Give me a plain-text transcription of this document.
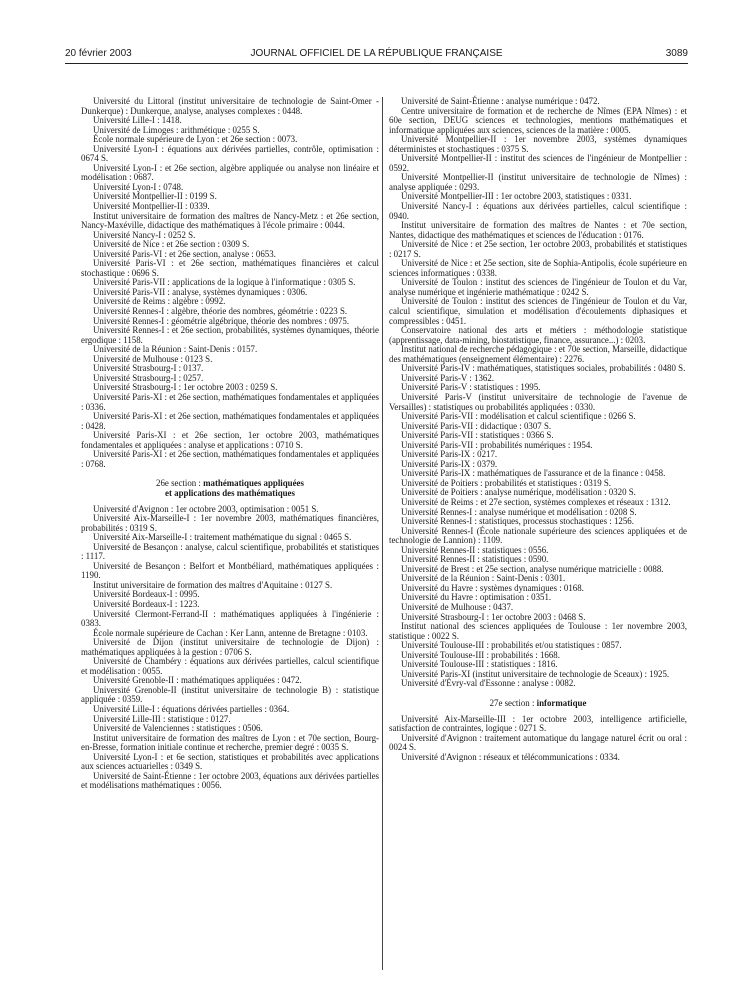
20 février 2003	JOURNAL OFFICIEL DE LA RÉPUBLIQUE FRANÇAISE	3089

Université du Littoral (institut universitaire de technologie de Saint-Omer - Dunkerque) : Dunkerque, analyse, analyses complexes : 0448.

Université Lille-I : 1418.

Université de Limoges : arithmétique : 0255 S.

École normale supérieure de Lyon : et 26e section : 0073.

Université Lyon-I : équations aux dérivées partielles, contrôle, optimisation : 0674 S.

Université Lyon-I : et 26e section, algèbre appliquée ou analyse non linéaire et modélisation : 0687.

Université Lyon-I : 0748.

Université Montpellier-II : 0199 S.

Université Montpellier-II : 0339.

Institut universitaire de formation des maîtres de Nancy-Metz : et 26e section, Nancy-Maxéville, didactique des mathématiques à l'école primaire : 0044.

Université Nancy-I : 0252 S.

Université de Nice : et 26e section : 0309 S.

Université Paris-VI : et 26e section, analyse : 0653.

Université Paris-VI : et 26e section, mathématiques financières et calcul stochastique : 0696 S.

Université Paris-VII : applications de la logique à l'informatique : 0305 S.

Université Paris-VII : analyse, systèmes dynamiques : 0306.

Université de Reims : algèbre : 0992.

Université Rennes-I : algèbre, théorie des nombres, géométrie : 0223 S.

Université Rennes-I : géométrie algébrique, théorie des nombres : 0975.

Université Rennes-I : et 26e section, probabilités, systèmes dynamiques, théorie ergodique : 1158.

Université de la Réunion : Saint-Denis : 0157.

Université de Mulhouse : 0123 S.

Université Strasbourg-I : 0137.

Université Strasbourg-I : 0257.

Université Strasbourg-I : 1er octobre 2003 : 0259 S.

Université Paris-XI : et 26e section, mathématiques fondamentales et appliquées : 0336.

Université Paris-XI : et 26e section, mathématiques fondamentales et appliquées : 0428.

Université Paris-XI : et 26e section, 1er octobre 2003, mathématiques fondamentales et appliquées : analyse et applications : 0710 S.

Université Paris-XI : et 26e section, mathématiques fondamentales et appliquées : 0768.

26e section : mathématiques appliquées
et applications des mathématiques

Université d'Avignon : 1er octobre 2003, optimisation : 0051 S.

Université Aix-Marseille-I : 1er novembre 2003, mathématiques financières, probabilités : 0319 S.

Université Aix-Marseille-I : traitement mathématique du signal : 0465 S.

Université de Besançon : analyse, calcul scientifique, probabilités et statistiques : 1117.

Université de Besançon : Belfort et Montbéliard, mathématiques appliquées : 1190.

Institut universitaire de formation des maîtres d'Aquitaine : 0127 S.

Université Bordeaux-I : 0995.

Université Bordeaux-I : 1223.

Université Clermont-Ferrand-II : mathématiques appliquées à l'ingénierie : 0383.

École normale supérieure de Cachan : Ker Lann, antenne de Bretagne : 0103.

Université de Dijon (institut universitaire de technologie de Dijon) : mathématiques appliquées à la gestion : 0706 S.

Université de Chambéry : équations aux dérivées partielles, calcul scientifique et modélisation : 0055.

Université Grenoble-II : mathématiques appliquées : 0472.

Université Grenoble-II (institut universitaire de technologie B) : statistique appliquée : 0359.

Université Lille-I : équations dérivées partielles : 0364.

Université Lille-III : statistique : 0127.

Université de Valenciennes : statistiques : 0506.

Institut universitaire de formation des maîtres de Lyon : et 70e section, Bourg-en-Bresse, formation initiale continue et recherche, premier degré : 0035 S.

Université Lyon-I : et 6e section, statistiques et probabilités avec applications aux sciences actuarielles : 0349 S.

Université de Saint-Étienne : 1er octobre 2003, équations aux dérivées partielles et modélisations mathématiques : 0056.

Université de Saint-Étienne : analyse numérique : 0472.

Centre universitaire de formation et de recherche de Nîmes (EPA Nîmes) : et 60e section, DEUG sciences et technologies, mentions mathématiques et informatique appliquées aux sciences, sciences de la matière : 0005.

Université Montpellier-II : 1er novembre 2003, systèmes dynamiques déterministes et stochastiques : 0375 S.

Université Montpellier-II : institut des sciences de l'ingénieur de Montpellier : 0592.

Université Montpellier-II (institut universitaire de technologie de Nîmes) : analyse appliquée : 0293.

Université Montpellier-III : 1er octobre 2003, statistiques : 0331.

Université Nancy-I : équations aux dérivées partielles, calcul scientifique : 0940.

Institut universitaire de formation des maîtres de Nantes : et 70e section, Nantes, didactique des mathématiques et sciences de l'éducation : 0176.

Université de Nice : et 25e section, 1er octobre 2003, probabilités et statistiques : 0217 S.

Université de Nice : et 25e section, site de Sophia-Antipolis, école supérieure en sciences informatiques : 0338.

Université de Toulon : institut des sciences de l'ingénieur de Toulon et du Var, analyse numérique et ingénierie mathématique : 0242 S.

Université de Toulon : institut des sciences de l'ingénieur de Toulon et du Var, calcul scientifique, simulation et modélisation d'écoulements diphasiques et compressibles : 0451.

Conservatoire national des arts et métiers : méthodologie statistique (apprentissage, data-mining, biostatistique, finance, assurance...) : 0203.

Institut national de recherche pédagogique : et 70e section, Marseille, didactique des mathématiques (enseignement élémentaire) : 2276.

Université Paris-IV : mathématiques, statistiques sociales, probabilités : 0480 S.

Université Paris-V : 1362.

Université Paris-V : statistiques : 1995.

Université Paris-V (institut universitaire de technologie de l'avenue de Versailles) : statistiques ou probabilités appliquées : 0330.

Université Paris-VII : modélisation et calcul scientifique : 0266 S.

Université Paris-VII : didactique : 0307 S.

Université Paris-VII : statistiques : 0366 S.

Université Paris-VII : probabilités numériques : 1954.

Université Paris-IX : 0217.

Université Paris-IX : 0379.

Université Paris-IX : mathématiques de l'assurance et de la finance : 0458.

Université de Poitiers : probabilités et statistiques : 0319 S.

Université de Poitiers : analyse numérique, modélisation : 0320 S.

Université de Reims : et 27e section, systèmes complexes et réseaux : 1312.

Université Rennes-I : analyse numérique et modélisation : 0208 S.

Université Rennes-I : statistiques, processus stochastiques : 1256.

Université Rennes-I (École nationale supérieure des sciences appliquées et de technologie de Lannion) : 1109.

Université Rennes-II : statistiques : 0556.

Université Rennes-II : statistiques : 0590.

Université de Brest : et 25e section, analyse numérique matricielle : 0088.

Université de la Réunion : Saint-Denis : 0301.

Université du Havre : systèmes dynamiques : 0168.

Université du Havre : optimisation : 0351.

Université de Mulhouse : 0437.

Université Strasbourg-I : 1er octobre 2003 : 0468 S.

Institut national des sciences appliquées de Toulouse : 1er novembre 2003, statistique : 0022 S.

Université Toulouse-III : probabilités et/ou statistiques : 0857.

Université Toulouse-III : probabilités : 1668.

Université Toulouse-III : statistiques : 1816.

Université Paris-XI (institut universitaire de technologie de Sceaux) : 1925.

Université d'Évry-val d'Essonne : analyse : 0082.

27e section : informatique

Université Aix-Marseille-III : 1er octobre 2003, intelligence artificielle, satisfaction de contraintes, logique : 0271 S.

Université d'Avignon : traitement automatique du langage naturel écrit ou oral : 0024 S.

Université d'Avignon : réseaux et télécommunications : 0334.
